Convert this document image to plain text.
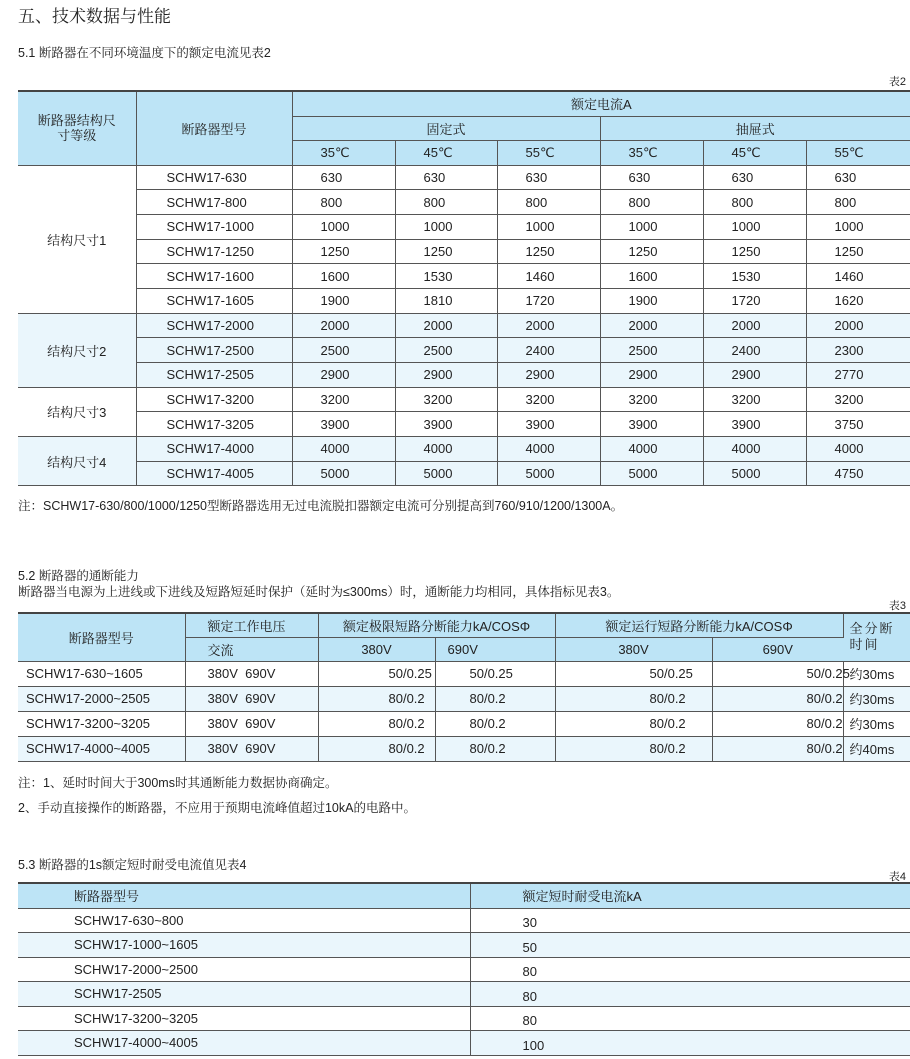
五、技术数据与性能
5.1 断路器在不同环境温度下的额定电流见表2
表2
断路器结构尺寸等级	断路器型号	额定电流A					
		固定式			抽屉式		
		35℃	45℃	55℃	35℃	45℃	55℃
结构尺寸1	SCHW17-630	630	630	630	630	630	630
	SCHW17-800	800	800	800	800	800	800
	SCHW17-1000	1000	1000	1000	1000	1000	1000
	SCHW17-1250	1250	1250	1250	1250	1250	1250
	SCHW17-1600	1600	1530	1460	1600	1530	1460
	SCHW17-1605	1900	1810	1720	1900	1720	1620
结构尺寸2	SCHW17-2000	2000	2000	2000	2000	2000	2000
	SCHW17-2500	2500	2500	2400	2500	2400	2300
	SCHW17-2505	2900	2900	2900	2900	2900	2770
结构尺寸3	SCHW17-3200	3200	3200	3200	3200	3200	3200
	SCHW17-3205	3900	3900	3900	3900	3900	3750
结构尺寸4	SCHW17-4000	4000	4000	4000	4000	4000	4000
	SCHW17-4005	5000	5000	5000	5000	5000	4750
注：SCHW17-630/800/1000/1250型断路器选用无过电流脱扣器额定电流可分别提高到760/910/1200/1300A。
5.2 断路器的通断能力
断路器当电源为上进线或下进线及短路短延时保护（延时为≤300ms）时，通断能力均相同，具体指标见表3。
表3
断路器型号	额定工作电压	额定极限短路分断能力kA/COSΦ		额定运行短路分断能力kA/COSΦ		全分断时间
	交流	380V	690V	380V	690V	
SCHW17-630~1605	380V  690V	50/0.25	50/0.25	50/0.25	50/0.25	约30ms
SCHW17-2000~2505	380V  690V	80/0.2	80/0.2	80/0.2	80/0.2	约30ms
SCHW17-3200~3205	380V  690V	80/0.2	80/0.2	80/0.2	80/0.2	约30ms
SCHW17-4000~4005	380V  690V	80/0.2	80/0.2	80/0.2	80/0.2	约40ms
注：1、延时时间大于300ms时其通断能力数据协商确定。
2、手动直接操作的断路器，不应用于预期电流峰值超过10kA的电路中。
5.3 断路器的1s额定短时耐受电流值见表4
表4
断路器型号	额定短时耐受电流kA
SCHW17-630~800	30
SCHW17-1000~1605	50
SCHW17-2000~2500	80
SCHW17-2505	80
SCHW17-3200~3205	80
SCHW17-4000~4005	100
